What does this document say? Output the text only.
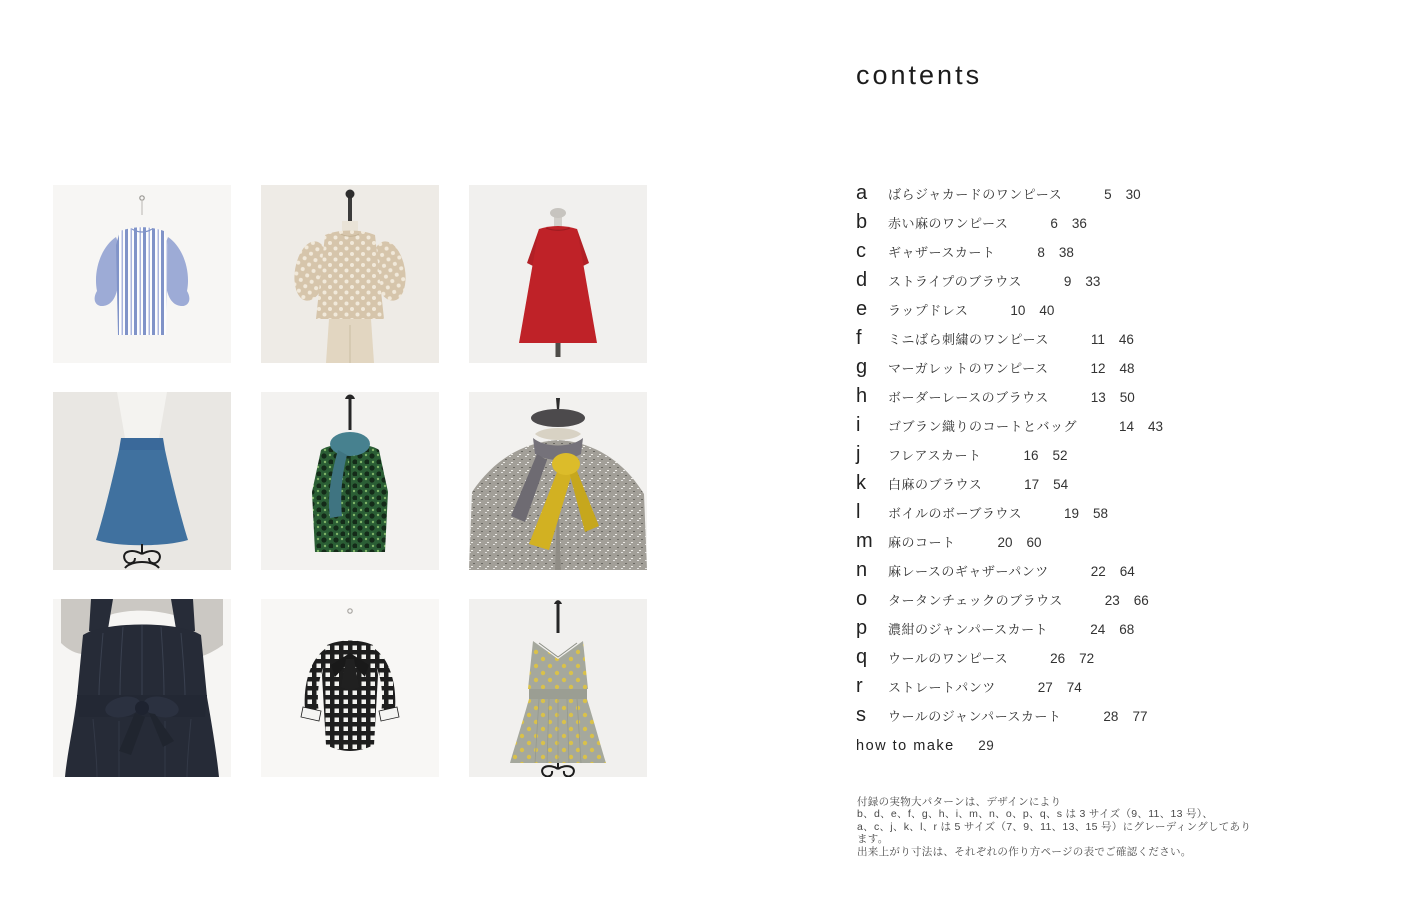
contents
a	ばらジャカードのワンピース	5 30
b	赤い麻のワンピース	6 36
c	ギャザースカート	8 38
d	ストライプのブラウス	9 33
e	ラップドレス	10 40
f	ミニばら刺繍のワンピース	11 46
g	マーガレットのワンピース	12 48
h	ボーダーレースのブラウス	13 50
i	ゴブラン織りのコートとバッグ	14 43
j	フレアスカート	16 52
k	白麻のブラウス	17 54
l	ボイルのボーブラウス	19 58
m	麻のコート	20 60
n	麻レースのギャザーパンツ	22 64
o	タータンチェックのブラウス	23 66
p	濃紺のジャンパースカート	24 68
q	ウールのワンピース	26 72
r	ストレートパンツ	27 74
s	ウールのジャンパースカート	28 77
how to make 29
付録の実物大パターンは、デザインにより
b、d、e、f、g、h、i、m、n、o、p、q、s は 3 サイズ（9、11、13 号）、
a、c、j、k、l、r は 5 サイズ（7、9、11、13、15 号）にグレーディングしてあります。
出来上がり寸法は、それぞれの作り方ページの表でご確認ください。
